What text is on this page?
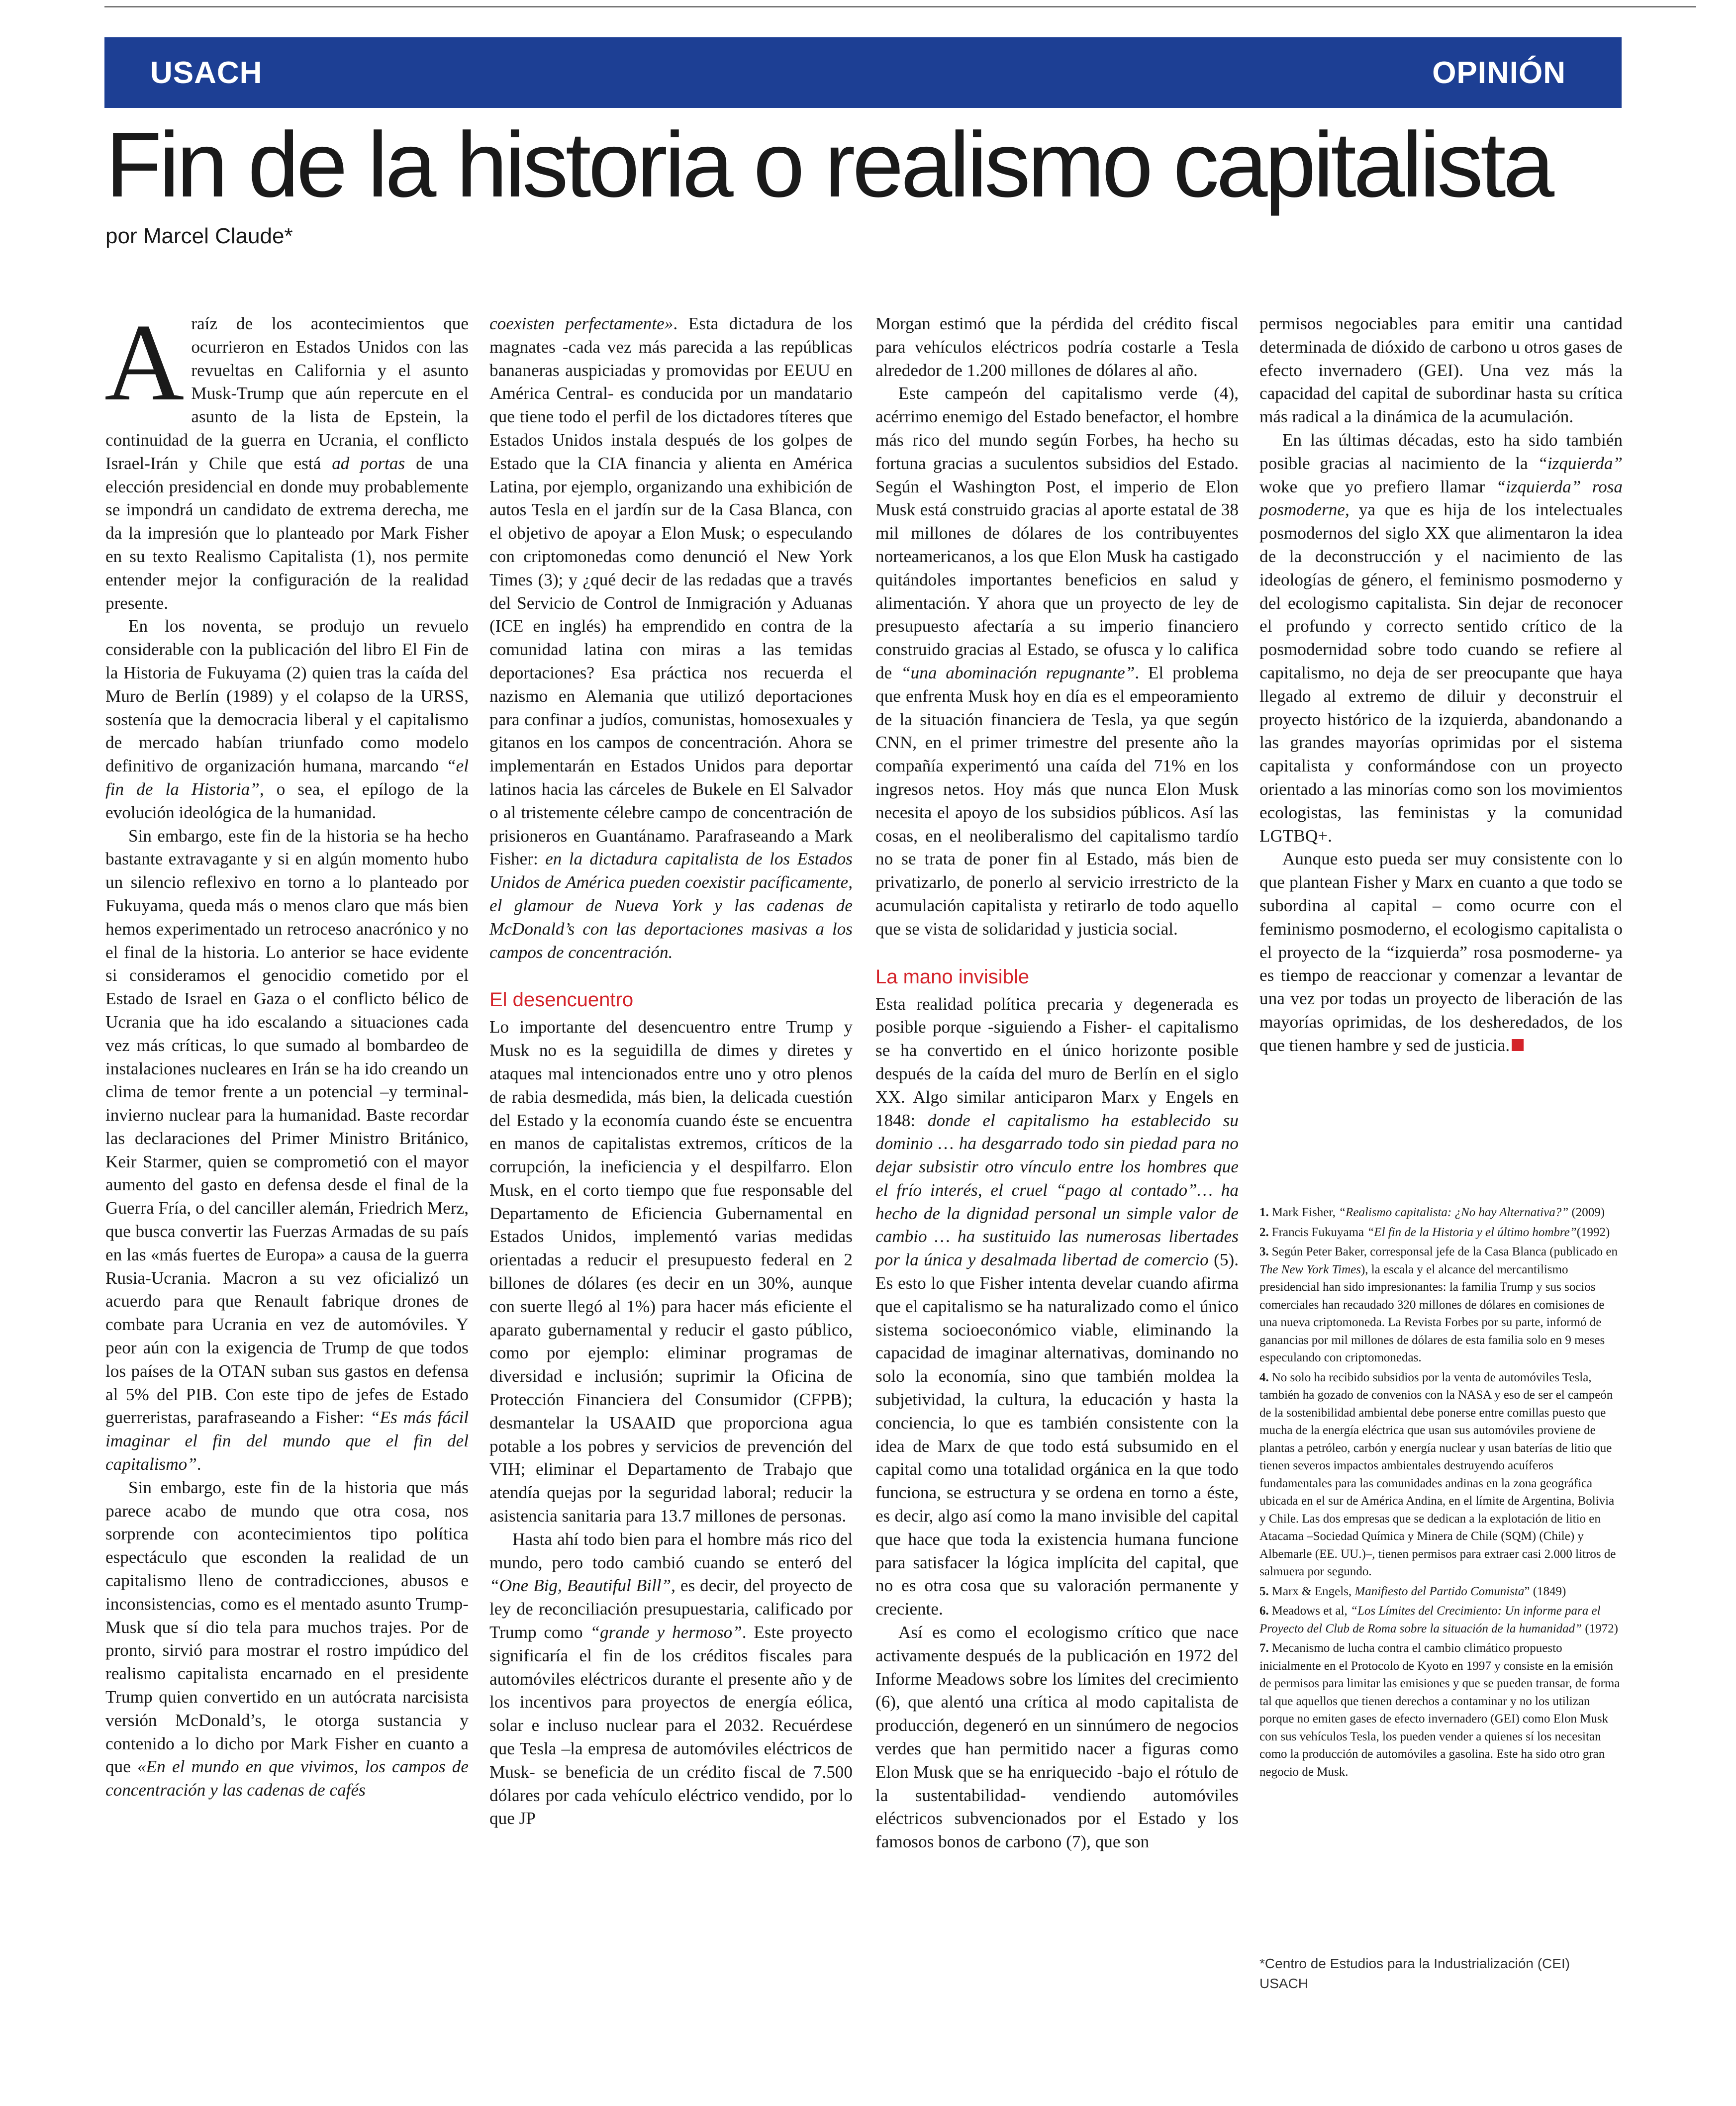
USACH	OPINIÓN
Fin de la historia o realismo capitalista
por Marcel Claude*

Araíz de los acontecimientos que ocurrieron en Estados Unidos con las revueltas en California y el asunto Musk-Trump que aún repercute en el asunto de la lista de Epstein, la continuidad de la guerra en Ucrania, el conflicto Israel-Irán y Chile que está ad portas de una elección presidencial en donde muy probablemente se impondrá un candidato de extrema derecha, me da la impresión que lo planteado por Mark Fisher en su texto Realismo Capitalista (1), nos permite entender mejor la configuración de la realidad presente.

En los noventa, se produjo un revuelo considerable con la publicación del libro El Fin de la Historia de Fukuyama (2) quien tras la caída del Muro de Berlín (1989) y el colapso de la URSS, sostenía que la democracia liberal y el capitalismo de mercado habían triunfado como modelo definitivo de organización humana, marcando “el fin de la Historia”, o sea, el epílogo de la evolución ideológica de la humanidad.

Sin embargo, este fin de la historia se ha hecho bastante extravagante y si en algún momento hubo un silencio reflexivo en torno a lo planteado por Fukuyama, queda más o menos claro que más bien hemos experimentado un retroceso anacrónico y no el final de la historia. Lo anterior se hace evidente si consideramos el genocidio cometido por el Estado de Israel en Gaza o el conflicto bélico de Ucrania que ha ido escalando a situaciones cada vez más críticas, lo que sumado al bombardeo de instalaciones nucleares en Irán se ha ido creando un clima de temor frente a un potencial –y terminal- invierno nuclear para la humanidad. Baste recordar las declaraciones del Primer Ministro Británico, Keir Starmer, quien se comprometió con el mayor aumento del gasto en defensa desde el final de la Guerra Fría, o del canciller alemán, Friedrich Merz, que busca convertir las Fuerzas Armadas de su país en las «más fuertes de Europa» a causa de la guerra Rusia-Ucrania. Macron a su vez oficializó un acuerdo para que Renault fabrique drones de combate para Ucrania en vez de automóviles. Y peor aún con la exigencia de Trump de que todos los países de la OTAN suban sus gastos en defensa al 5% del PIB. Con este tipo de jefes de Estado guerreristas, parafraseando a Fisher: “Es más fácil imaginar el fin del mundo que el fin del capitalismo”.

Sin embargo, este fin de la historia que más parece acabo de mundo que otra cosa, nos sorprende con acontecimientos tipo política espectáculo que esconden la realidad de un capitalismo lleno de contradicciones, abusos e inconsistencias, como es el mentado asunto Trump-Musk que sí dio tela para muchos trajes. Por de pronto, sirvió para mostrar el rostro impúdico del realismo capitalista encarnado en el presidente Trump quien convertido en un autócrata narcisista versión McDonald’s, le otorga sustancia y contenido a lo dicho por Mark Fisher en cuanto a que «En el mundo en que vivimos, los campos de concentración y las cadenas de cafés

coexisten perfectamente». Esta dictadura de los magnates -cada vez más parecida a las repúblicas bananeras auspiciadas y promovidas por EEUU en América Central- es conducida por un mandatario que tiene todo el perfil de los dictadores títeres que Estados Unidos instala después de los golpes de Estado que la CIA financia y alienta en América Latina, por ejemplo, organizando una exhibición de autos Tesla en el jardín sur de la Casa Blanca, con el objetivo de apoyar a Elon Musk; o especulando con criptomonedas como denunció el New York Times (3); y ¿qué decir de las redadas que a través del Servicio de Control de Inmigración y Aduanas (ICE en inglés) ha emprendido en contra de la comunidad latina con miras a las temidas deportaciones? Esa práctica nos recuerda el nazismo en Alemania que utilizó deportaciones para confinar a judíos, comunistas, homosexuales y gitanos en los campos de concentración. Ahora se implementarán en Estados Unidos para deportar latinos hacia las cárceles de Bukele en El Salvador o al tristemente célebre campo de concentración de prisioneros en Guantánamo. Parafraseando a Mark Fisher: en la dictadura capitalista de los Estados Unidos de América pueden coexistir pacíficamente, el glamour de Nueva York y las cadenas de McDonald’s con las deportaciones masivas a los campos de concentración.

El desencuentro

Lo importante del desencuentro entre Trump y Musk no es la seguidilla de dimes y diretes y ataques mal intencionados entre uno y otro plenos de rabia desmedida, más bien, la delicada cuestión del Estado y la economía cuando éste se encuentra en manos de capitalistas extremos, críticos de la corrupción, la ineficiencia y el despilfarro. Elon Musk, en el corto tiempo que fue responsable del Departamento de Eficiencia Gubernamental en Estados Unidos, implementó varias medidas orientadas a reducir el presupuesto federal en 2 billones de dólares (es decir en un 30%, aunque con suerte llegó al 1%) para hacer más eficiente el aparato gubernamental y reducir el gasto público, como por ejemplo: eliminar programas de diversidad e inclusión; suprimir la Oficina de Protección Financiera del Consumidor (CFPB); desmantelar la USAAID que proporciona agua potable a los pobres y servicios de prevención del VIH; eliminar el Departamento de Trabajo que atendía quejas por la seguridad laboral; reducir la asistencia sanitaria para 13.7 millones de personas.

Hasta ahí todo bien para el hombre más rico del mundo, pero todo cambió cuando se enteró del “One Big, Beautiful Bill”, es decir, del proyecto de ley de reconciliación presupuestaria, calificado por Trump como “grande y hermoso”. Este proyecto significaría el fin de los créditos fiscales para automóviles eléctricos durante el presente año y de los incentivos para proyectos de energía eólica, solar e incluso nuclear para el 2032. Recuérdese que Tesla –la empresa de automóviles eléctricos de Musk- se beneficia de un crédito fiscal de 7.500 dólares por cada vehículo eléctrico vendido, por lo que JP

Morgan estimó que la pérdida del crédito fiscal para vehículos eléctricos podría costarle a Tesla alrededor de 1.200 millones de dólares al año.

Este campeón del capitalismo verde (4), acérrimo enemigo del Estado benefactor, el hombre más rico del mundo según Forbes, ha hecho su fortuna gracias a suculentos subsidios del Estado. Según el Washington Post, el imperio de Elon Musk está construido gracias al aporte estatal de 38 mil millones de dólares de los contribuyentes norteamericanos, a los que Elon Musk ha castigado quitándoles importantes beneficios en salud y alimentación. Y ahora que un proyecto de ley de presupuesto afectaría a su imperio financiero construido gracias al Estado, se ofusca y lo califica de “una abominación repugnante”. El problema que enfrenta Musk hoy en día es el empeoramiento de la situación financiera de Tesla, ya que según CNN, en el primer trimestre del presente año la compañía experimentó una caída del 71% en los ingresos netos. Hoy más que nunca Elon Musk necesita el apoyo de los subsidios públicos. Así las cosas, en el neoliberalismo del capitalismo tardío no se trata de poner fin al Estado, más bien de privatizarlo, de ponerlo al servicio irrestricto de la acumulación capitalista y retirarlo de todo aquello que se vista de solidaridad y justicia social.

La mano invisible

Esta realidad política precaria y degenerada es posible porque -siguiendo a Fisher- el capitalismo se ha convertido en el único horizonte posible después de la caída del muro de Berlín en el siglo XX. Algo similar anticiparon Marx y Engels en 1848: donde el capitalismo ha establecido su dominio … ha desgarrado todo sin piedad para no dejar subsistir otro vínculo entre los hombres que el frío interés, el cruel “pago al contado”… ha hecho de la dignidad personal un simple valor de cambio … ha sustituido las numerosas libertades por la única y desalmada libertad de comercio (5). Es esto lo que Fisher intenta develar cuando afirma que el capitalismo se ha naturalizado como el único sistema socioeconómico viable, eliminando la capacidad de imaginar alternativas, dominando no solo la economía, sino que también moldea la subjetividad, la cultura, la educación y hasta la conciencia, lo que es también consistente con la idea de Marx de que todo está subsumido en el capital como una totalidad orgánica en la que todo funciona, se estructura y se ordena en torno a éste, es decir, algo así como la mano invisible del capital que hace que toda la existencia humana funcione para satisfacer la lógica implícita del capital, que no es otra cosa que su valoración permanente y creciente.

Así es como el ecologismo crítico que nace activamente después de la publicación en 1972 del Informe Meadows sobre los límites del crecimiento (6), que alentó una crítica al modo capitalista de producción, degeneró en un sinnúmero de negocios verdes que han permitido nacer a figuras como Elon Musk que se ha enriquecido -bajo el rótulo de la sustentabilidad- vendiendo automóviles eléctricos subvencionados por el Estado y los famosos bonos de carbono (7), que son

permisos negociables para emitir una cantidad determinada de dióxido de carbono u otros gases de efecto invernadero (GEI). Una vez más la capacidad del capital de subordinar hasta su crítica más radical a la dinámica de la acumulación.

En las últimas décadas, esto ha sido también posible gracias al nacimiento de la “izquierda” woke que yo prefiero llamar “izquierda” rosa posmoderne, ya que es hija de los intelectuales posmodernos del siglo XX que alimentaron la idea de la deconstrucción y el nacimiento de las ideologías de género, el feminismo posmoderno y del ecologismo capitalista. Sin dejar de reconocer el profundo y correcto sentido crítico de la posmodernidad sobre todo cuando se refiere al capitalismo, no deja de ser preocupante que haya llegado al extremo de diluir y deconstruir el proyecto histórico de la izquierda, abandonando a las grandes mayorías oprimidas por el sistema capitalista y conformándose con un proyecto orientado a las minorías como son los movimientos ecologistas, las feministas y la comunidad LGTBQ+.

Aunque esto pueda ser muy consistente con lo que plantean Fisher y Marx en cuanto a que todo se subordina al capital – como ocurre con el feminismo posmoderno, el ecologismo capitalista o el proyecto de la “izquierda” rosa posmoderne- ya es tiempo de reaccionar y comenzar a levantar de una vez por todas un proyecto de liberación de las mayorías oprimidas, de los desheredados, de los que tienen hambre y sed de justicia.

1. Mark Fisher, “Realismo capitalista: ¿No hay Alternativa?” (2009)

2. Francis Fukuyama “El fin de la Historia y el último hombre”(1992)

3. Según Peter Baker, corresponsal jefe de la Casa Blanca (publicado en The New York Times), la escala y el alcance del mercantilismo presidencial han sido impresionantes: la familia Trump y sus socios comerciales han recaudado 320 millones de dólares en comisiones de una nueva criptomoneda. La Revista Forbes por su parte, informó de ganancias por mil millones de dólares de esta familia solo en 9 meses especulando con criptomonedas.

4. No solo ha recibido subsidios por la venta de automóviles Tesla, también ha gozado de convenios con la NASA y eso de ser el campeón de la sostenibilidad ambiental debe ponerse entre comillas puesto que mucha de la energía eléctrica que usan sus automóviles proviene de plantas a petróleo, carbón y energía nuclear y usan baterías de litio que tienen severos impactos ambientales destruyendo acuíferos fundamentales para las comunidades andinas en la zona geográfica ubicada en el sur de América Andina, en el límite de Argentina, Bolivia y Chile. Las dos empresas que se dedican a la explotación de litio en Atacama –Sociedad Química y Minera de Chile (SQM) (Chile) y Albemarle (EE. UU.)–, tienen permisos para extraer casi 2.000 litros de salmuera por segundo.

5. Marx & Engels, Manifiesto del Partido Comunista” (1849)

6. Meadows et al, “Los Límites del Crecimiento: Un informe para el Proyecto del Club de Roma sobre la situación de la humanidad” (1972)

7. Mecanismo de lucha contra el cambio climático propuesto inicialmente en el Protocolo de Kyoto en 1997 y consiste en la emisión de permisos para limitar las emisiones y que se pueden transar, de forma tal que aquellos que tienen derechos a contaminar y no los utilizan porque no emiten gases de efecto invernadero (GEI) como Elon Musk con sus vehículos Tesla, los pueden vender a quienes sí los necesitan como la producción de automóviles a gasolina. Este ha sido otro gran negocio de Musk.

*Centro de Estudios para la Industrialización (CEI)
USACH
